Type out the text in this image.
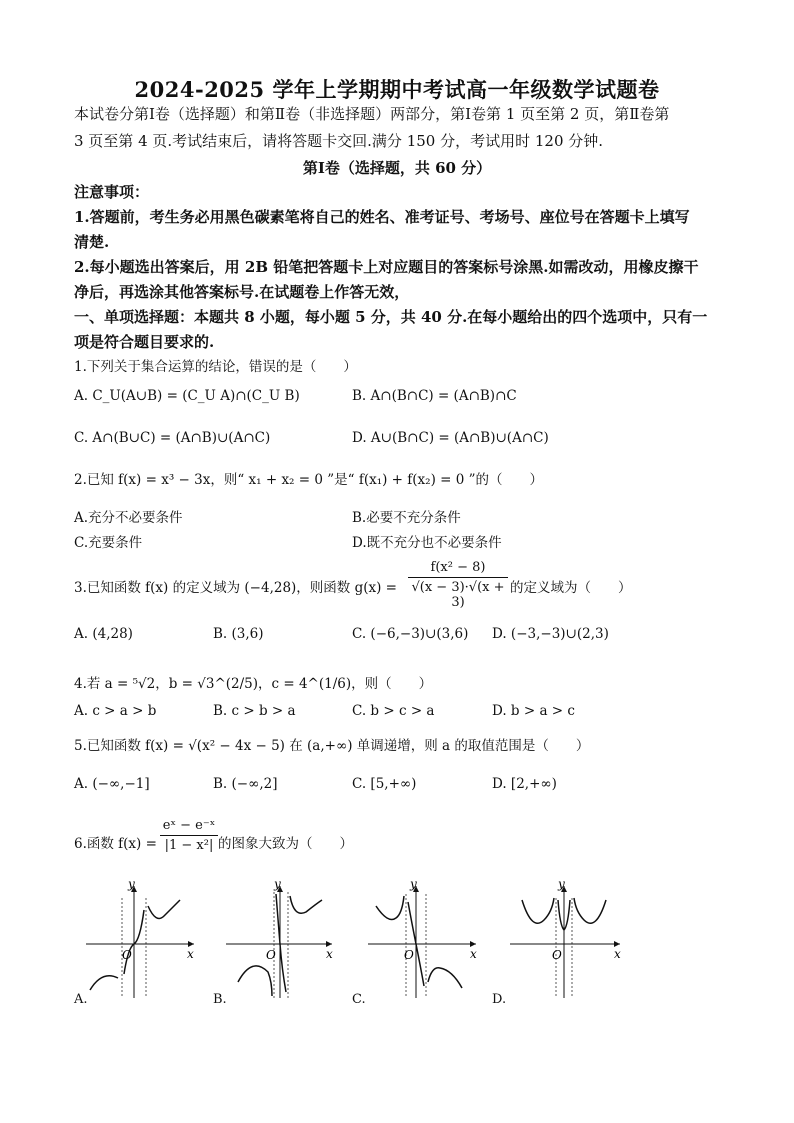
2024-2025 学年上学期期中考试高一年级数学试题卷
本试卷分第Ⅰ卷（选择题）和第Ⅱ卷（非选择题）两部分，第Ⅰ卷第 1 页至第 2 页，第Ⅱ卷第
3 页至第 4 页.考试结束后，请将答题卡交回.满分 150 分，考试用时 120 分钟.
第Ⅰ卷（选择题，共 60 分）
注意事项：
1.答题前，考生务必用黑色碳素笔将自己的姓名、准考证号、考场号、座位号在答题卡上填写
清楚.
2.每小题选出答案后，用 2B 铅笔把答题卡上对应题目的答案标号涂黑.如需改动，用橡皮擦干
净后，再选涂其他答案标号.在试题卷上作答无效，
一、单项选择题：本题共 8 小题，每小题 5 分，共 40 分.在每小题给出的四个选项中，只有一
项是符合题目要求的.
1.下列关于集合运算的结论，错误的是（　　）
A. C_U(A∪B) = (C_U A)∩(C_U B)	B. A∩(B∩C) = (A∩B)∩C
C. A∩(B∪C) = (A∩B)∪(A∩C)	D. A∪(B∩C) = (A∩B)∪(A∩C)
2.已知 f(x) = x³ − 3x，则“ x₁ + x₂ = 0 ”是“ f(x₁) + f(x₂) = 0 ”的（　　）
A.充分不必要条件	B.必要不充分条件
C.充要条件	D.既不充分也不必要条件
3.已知函数 f(x) 的定义域为 (−4,28)，则函数 $g(x) = \frac{\text{f(x² − 8)}}{√(x - 3)\cdot√(x + 3)}$ 的定义域为（　　）
A. (4,28)	B. (3,6)	C. (−6,−3)∪(3,6) D. (−3,−3)∪(2,3)
4.若 a = ⁵√2，b = √3^(2/5)，c = 4^(1/6)，则（　　）
A. c > a > b	B. c > b > a	C. b > c > a	D. b > a > c
5.已知函数 f(x) = √(x² − 4x − 5) 在 (a,+∞) 单调递增，则 a 的取值范围是（　　）
A. (−∞,−1]	B. (−∞,2]	C. [5,+∞)	D. [2,+∞)
6.函数 $f(x) = \frac{\text{eˣ − e⁻ˣ}}{\text{|1 − x²|}}$ 的图象大致为（　　）
y
x
O
A.
y
x
O
B.
y
x
O
C.
y
x
O
D.
